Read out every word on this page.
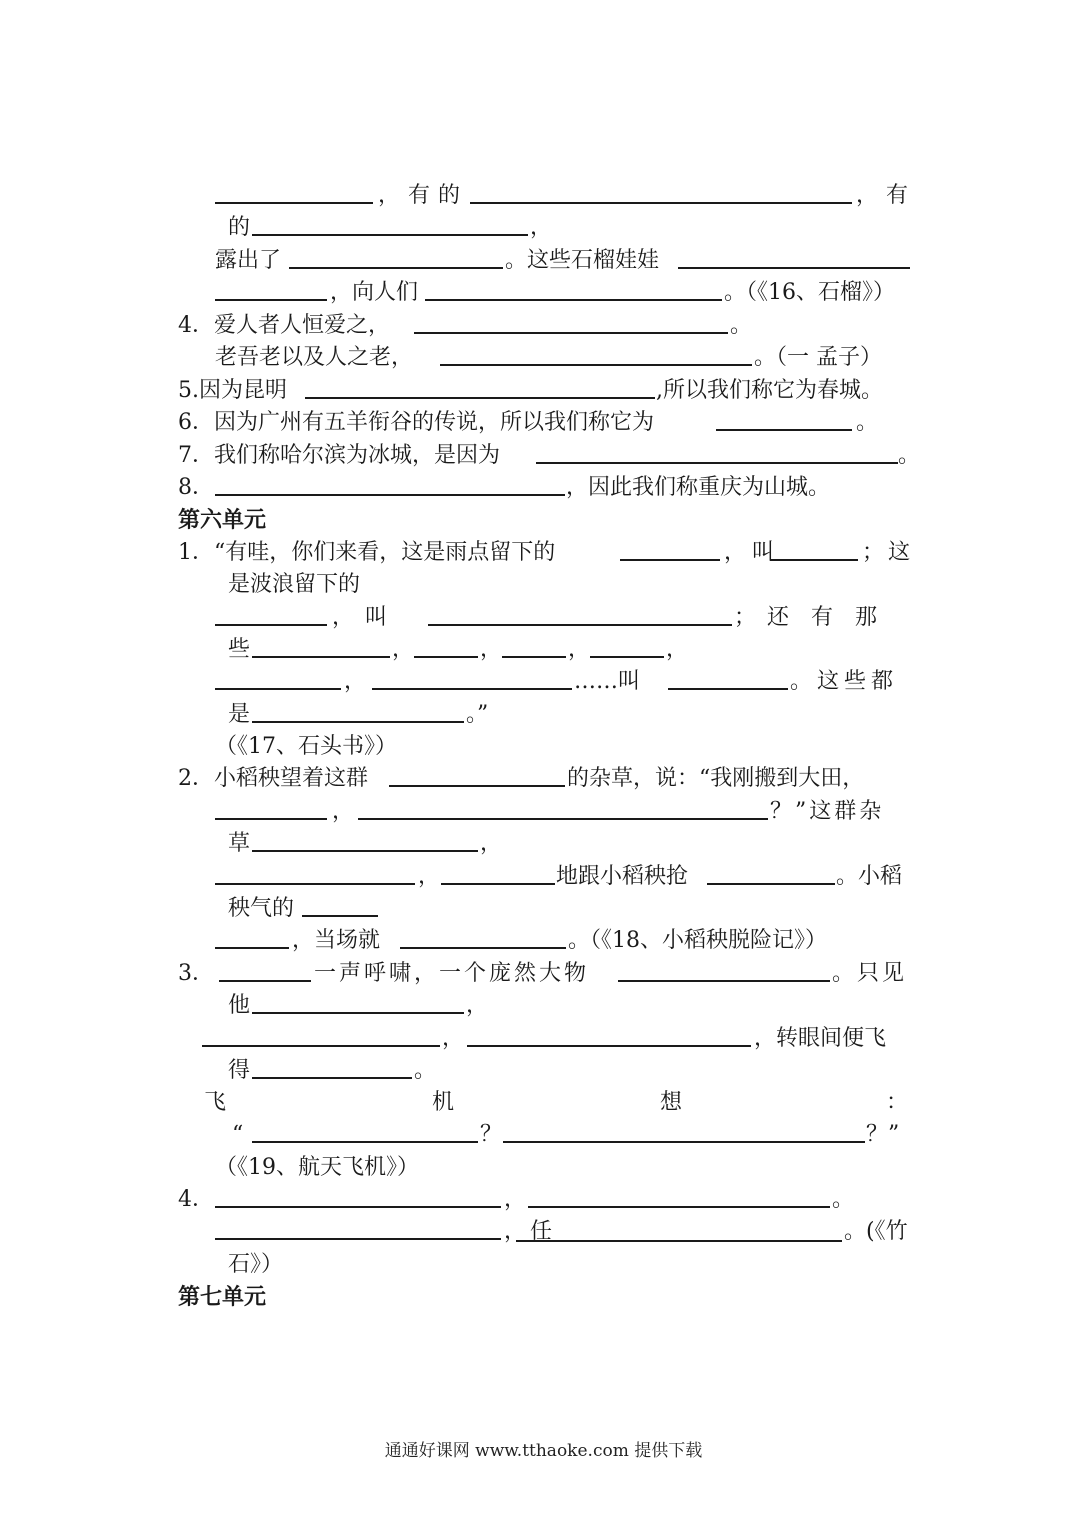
，有的	，有
的	，
露出了	。这些石榴娃娃
，向人们	。（《16、石榴》）
4．爱人者人恒爱之，	。
老吾老以及人之老，	。（一 孟子）
5.因为昆明	,所以我们称它为春城。
6．因为广州有五羊衔谷的传说，所以我们称它为	。
7．我们称哈尔滨为冰城，是因为	。
8．	，因此我们称重庆为山城。
第六单元
1．“有哇，你们来看，这是雨点留下的	，叫	；这
是波浪留下的
，　叫	；　还　有　那
些	，	，	，	，
，	……叫	。这些都
是	。”
（《17、石头书》）
2．小稻秧望着这群	的杂草，说：“我刚搬到大田，
，	？”这群杂
草	，
，	地跟小稻秧抢	。小稻
秧气的
，当场就	。（《18、小稻秧脱险记》）
3．	一声呼啸，一个庞然大物	。只见
他	，
，	，转眼间便飞
得	。
飞	机	想	：
“	？	？”
（《19、航天飞机》）
4．	，	。
， 任	。(《竹
石》）
第七单元
通通好课网 www.tthaoke.com 提供下载
